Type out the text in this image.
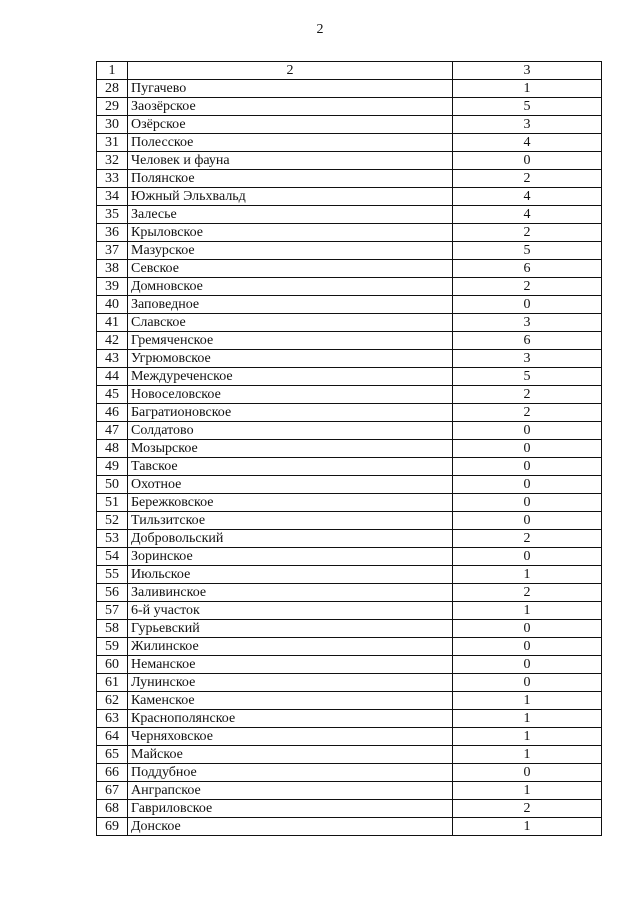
2
1	2	3
28	Пугачево	1
29	Заозёрское	5
30	Озёрское	3
31	Полесское	4
32	Человек и фауна	0
33	Полянское	2
34	Южный Эльхвальд	4
35	Залесье	4
36	Крыловское	2
37	Мазурское	5
38	Севское	6
39	Домновское	2
40	Заповедное	0
41	Славское	3
42	Гремяченское	6
43	Угрюмовское	3
44	Междуреченское	5
45	Новоселовское	2
46	Багратионовское	2
47	Солдатово	0
48	Мозырское	0
49	Тавское	0
50	Охотное	0
51	Бережковское	0
52	Тильзитское	0
53	Добровольский	2
54	Зоринское	0
55	Июльское	1
56	Заливинское	2
57	6-й участок	1
58	Гурьевский	0
59	Жилинское	0
60	Неманское	0
61	Лунинское	0
62	Каменское	1
63	Краснополянское	1
64	Черняховское	1
65	Майское	1
66	Поддубное	0
67	Ангрaпское	1
68	Гавриловское	2
69	Донское	1
